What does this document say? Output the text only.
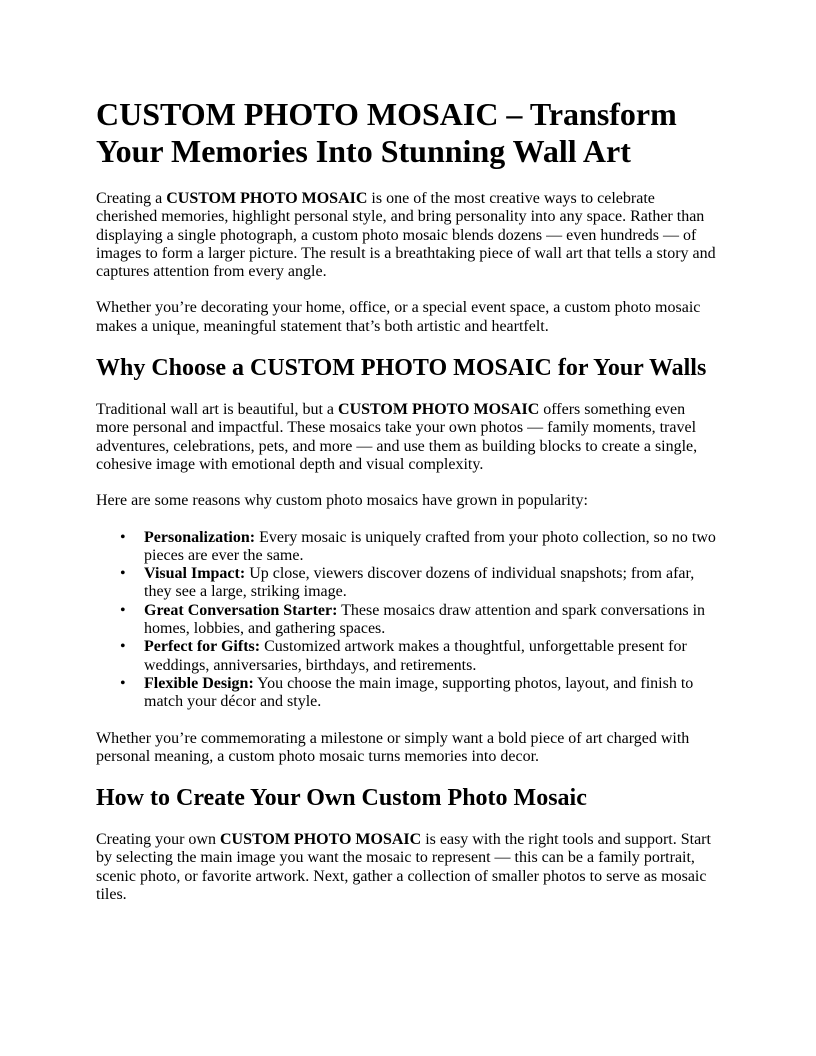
CUSTOM PHOTO MOSAIC – Transform Your Memories Into Stunning Wall Art

Creating a CUSTOM PHOTO MOSAIC is one of the most creative ways to celebrate cherished memories, highlight personal style, and bring personality into any space. Rather than displaying a single photograph, a custom photo mosaic blends dozens — even hundreds — of images to form a larger picture. The result is a breathtaking piece of wall art that tells a story and captures attention from every angle.

Whether you’re decorating your home, office, or a special event space, a custom photo mosaic makes a unique, meaningful statement that’s both artistic and heartfelt.

Why Choose a CUSTOM PHOTO MOSAIC for Your Walls

Traditional wall art is beautiful, but a CUSTOM PHOTO MOSAIC offers something even more personal and impactful. These mosaics take your own photos — family moments, travel adventures, celebrations, pets, and more — and use them as building blocks to create a single, cohesive image with emotional depth and visual complexity.

Here are some reasons why custom photo mosaics have grown in popularity:

• Personalization: Every mosaic is uniquely crafted from your photo collection, so no two pieces are ever the same.
• Visual Impact: Up close, viewers discover dozens of individual snapshots; from afar, they see a large, striking image.
• Great Conversation Starter: These mosaics draw attention and spark conversations in homes, lobbies, and gathering spaces.
• Perfect for Gifts: Customized artwork makes a thoughtful, unforgettable present for weddings, anniversaries, birthdays, and retirements.
• Flexible Design: You choose the main image, supporting photos, layout, and finish to match your décor and style.

Whether you’re commemorating a milestone or simply want a bold piece of art charged with personal meaning, a custom photo mosaic turns memories into decor.

How to Create Your Own Custom Photo Mosaic

Creating your own CUSTOM PHOTO MOSAIC is easy with the right tools and support. Start by selecting the main image you want the mosaic to represent — this can be a family portrait, scenic photo, or favorite artwork. Next, gather a collection of smaller photos to serve as mosaic tiles.
